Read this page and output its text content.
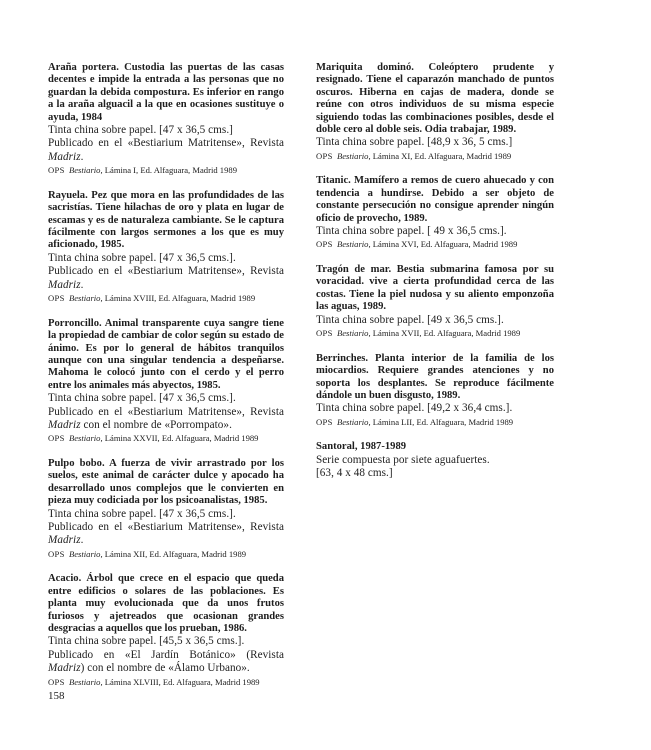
Araña portera. Custodia las puertas de las casas decentes e impide la entrada a las personas que no guardan la debida compostura. Es inferior en rango a la araña alguacil a la que en ocasiones sustituye o ayuda, 1984

Tinta china sobre papel. [47 x 36,5 cms.]

Publicado en el «Bestiarium Matritense», Revista Madriz.

OPS Bestiario, Lámina I, Ed. Alfaguara, Madrid 1989

Rayuela. Pez que mora en las profundidades de las sacristías. Tiene hilachas de oro y plata en lugar de escamas y es de naturaleza cambiante. Se le captura fácilmente con largos sermones a los que es muy aficionado, 1985.

Tinta china sobre papel. [47 x 36,5 cms.].

Publicado en el «Bestiarium Matritense», Revista Madriz.

OPS Bestiario, Lámina XVIII, Ed. Alfaguara, Madrid 1989

Porroncillo. Animal transparente cuya sangre tiene la propiedad de cambiar de color según su estado de ánimo. Es por lo general de hábitos tranquilos aunque con una singular tendencia a despeñarse. Mahoma le colocó junto con el cerdo y el perro entre los animales más abyectos, 1985.

Tinta china sobre papel. [47 x 36,5 cms.].

Publicado en el «Bestiarium Matritense», Revista Madriz con el nombre de «Porrompato».

OPS Bestiario, Lámina XXVII, Ed. Alfaguara, Madrid 1989

Pulpo bobo. A fuerza de vivir arrastrado por los suelos, este animal de carácter dulce y apocado ha desarrollado unos complejos que le convierten en pieza muy codiciada por los psicoanalistas, 1985.

Tinta china sobre papel. [47 x 36,5 cms.].

Publicado en el «Bestiarium Matritense», Revista Madriz.

OPS Bestiario, Lámina XII, Ed. Alfaguara, Madrid 1989

Acacio. Árbol que crece en el espacio que queda entre edificios o solares de las poblaciones. Es planta muy evolucionada que da unos frutos furiosos y ajetreados que ocasionan grandes desgracias a aquellos que los prueban, 1986.

Tinta china sobre papel. [45,5 x 36,5 cms.].

Publicado en «El Jardín Botánico» (Revista Madriz) con el nombre de «Álamo Urbano».

OPS Bestiario, Lámina XLVIII, Ed. Alfaguara, Madrid 1989

Mariquita dominó. Coleóptero prudente y resignado. Tiene el caparazón manchado de puntos oscuros. Hiberna en cajas de madera, donde se reúne con otros individuos de su misma especie siguiendo todas las combinaciones posibles, desde el doble cero al doble seis. Odia trabajar, 1989.

Tinta china sobre papel. [48,9 x 36, 5 cms.]

OPS Bestiario, Lámina XI, Ed. Alfaguara, Madrid 1989

Titanic. Mamífero a remos de cuero ahuecado y con tendencia a hundirse. Debido a ser objeto de constante persecución no consigue aprender ningún oficio de provecho, 1989.

Tinta china sobre papel. [ 49 x 36,5 cms.].

OPS Bestiario, Lámina XVI, Ed. Alfaguara, Madrid 1989

Tragón de mar. Bestia submarina famosa por su voracidad. vive a cierta profundidad cerca de las costas. Tiene la piel nudosa y su aliento emponzoña las aguas, 1989.

Tinta china sobre papel. [49 x 36,5 cms.].

OPS Bestiario, Lámina XVII, Ed. Alfaguara, Madrid 1989

Berrinches. Planta interior de la familia de los miocardios. Requiere grandes atenciones y no soporta los desplantes. Se reproduce fácilmente dándole un buen disgusto, 1989.

Tinta china sobre papel. [49,2 x 36,4 cms.].

OPS Bestiario, Lámina LII, Ed. Alfaguara, Madrid 1989

Santoral, 1987-1989

Serie compuesta por siete aguafuertes.

[63, 4 x 48 cms.]

158
